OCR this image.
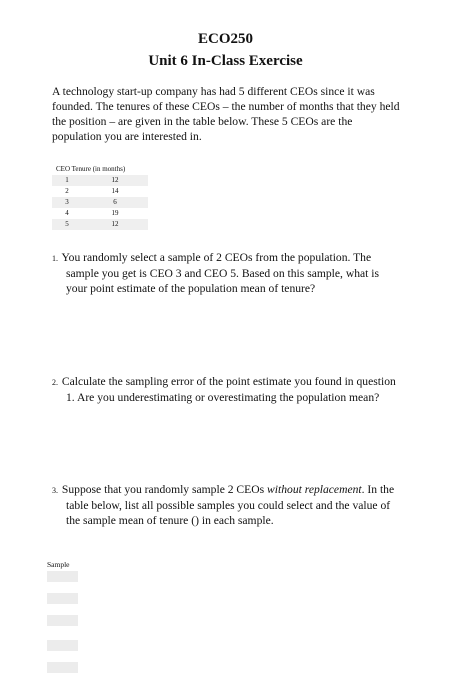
ECO250
Unit 6 In-Class Exercise
A technology start-up company has had 5 different CEOs since it was founded. The tenures of these CEOs – the number of months that they held the position – are given in the table below. These 5 CEOs are the population you are interested in.
CEO Tenure (in months)	
1	12
2	14
3	6
4	19
5	12
1. You randomly select a sample of 2 CEOs from the population. The sample you get is CEO 3 and CEO 5. Based on this sample, what is your point estimate of the population mean of tenure?
2. Calculate the sampling error of the point estimate you found in question 1. Are you underestimating or overestimating the population mean?
3. Suppose that you randomly sample 2 CEOs without replacement. In the table below, list all possible samples you could select and the value of the sample mean of tenure () in each sample.
Sample
